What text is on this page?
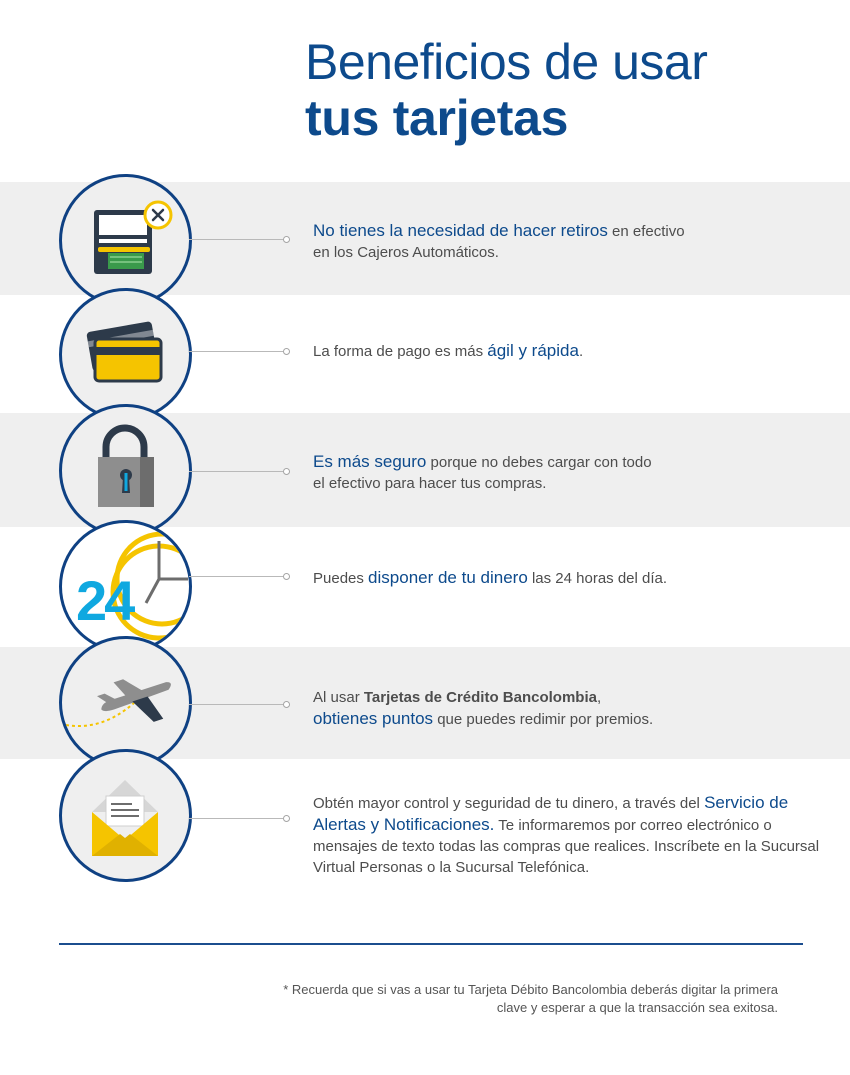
Beneficios de usar
tus tarjetas
No tienes la necesidad de hacer retiros en efectivo
en los Cajeros Automáticos.
La forma de pago es más ágil y rápida.
Es más seguro porque no debes cargar con todo
el efectivo para hacer tus compras.
24	Puedes disponer de tu dinero las 24 horas del día.
Al usar Tarjetas de Crédito Bancolombia,
obtienes puntos que puedes redimir por premios.
Obtén mayor control y seguridad de tu dinero, a través del Servicio de Alertas y Notificaciones. Te informaremos por correo electrónico o mensajes de texto todas las compras que realices. Inscríbete en la Sucursal Virtual Personas o la Sucursal Telefónica.
* Recuerda que si vas a usar tu Tarjeta Débito Bancolombia deberás digitar la primera clave y esperar a que la transacción sea exitosa.
